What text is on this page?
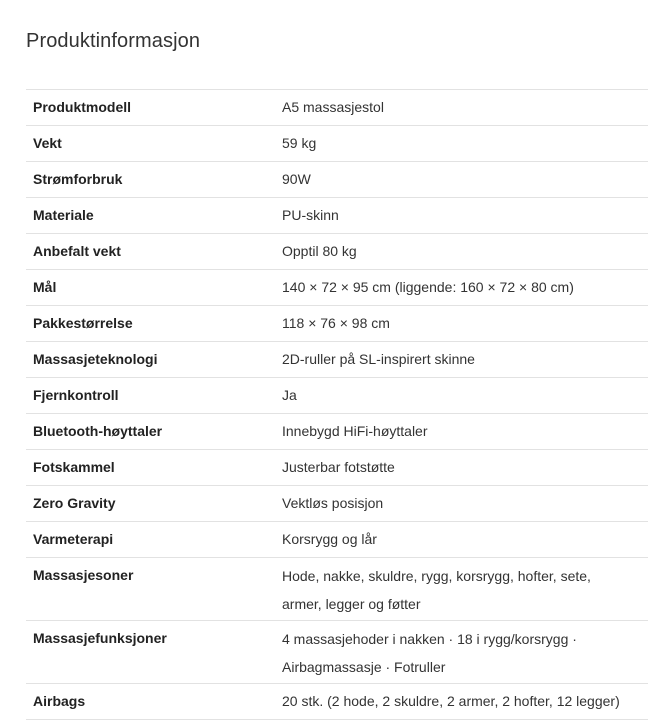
Produktinformasjon
Produktmodell	A5 massasjestol
Vekt	59 kg
Strømforbruk	90W
Materiale	PU-skinn
Anbefalt vekt	Opptil 80 kg
Mål	140 × 72 × 95 cm (liggende: 160 × 72 × 80 cm)
Pakkestørrelse	118 × 76 × 98 cm
Massasjeteknologi	2D-ruller på SL-inspirert skinne
Fjernkontroll	Ja
Bluetooth-høyttaler	Innebygd HiFi-høyttaler
Fotskammel	Justerbar fotstøtte
Zero Gravity	Vektløs posisjon
Varmeterapi	Korsrygg og lår
Massasjesoner	Hode, nakke, skuldre, rygg, korsrygg, hofter, sete,
armer, legger og føtter
Massasjefunksjoner	4 massasjehoder i nakken · 18 i rygg/korsrygg ·
Airbagmassasje · Fotruller
Airbags	20 stk. (2 hode, 2 skuldre, 2 armer, 2 hofter, 12 legger)
